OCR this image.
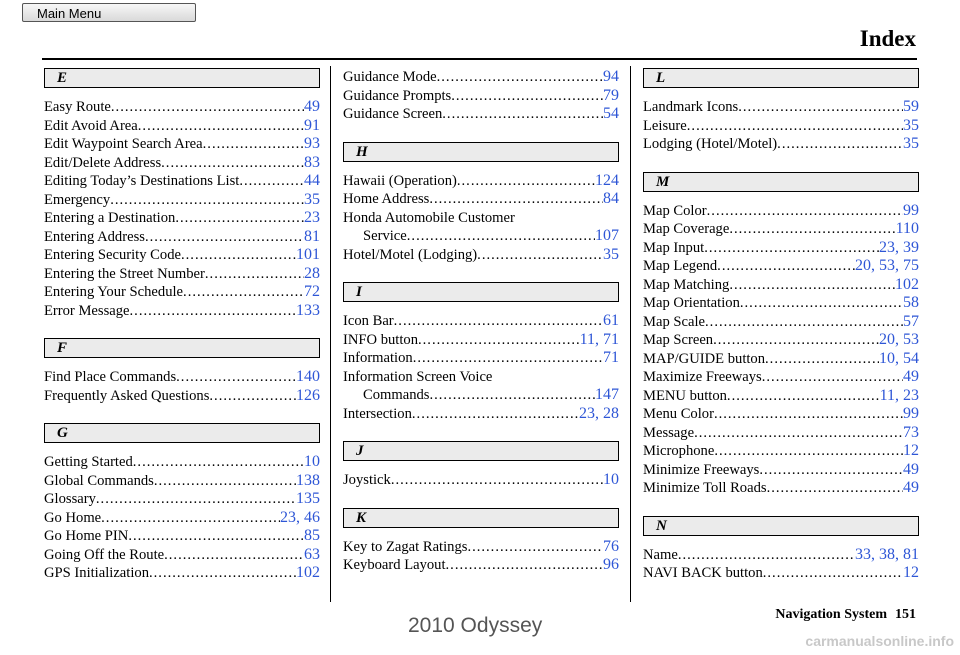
Main Menu
Index
E
Easy Route .....	49
Edit Avoid Area .....	91
Edit Waypoint Search Area .....	93
Edit/Delete Address .....	83
Editing Today’s Destinations List .....	44
Emergency .....	35
Entering a Destination .....	23
Entering Address .....	81
Entering Security Code .....	101
Entering the Street Number .....	28
Entering Your Schedule .....	72
Error Message .....	133
F
Find Place Commands .....	140
Frequently Asked Questions .....	126
G
Getting Started .....	10
Global Commands .....	138
Glossary .....	135
Go Home .....	23, 46
Go Home PIN .....	85
Going Off the Route .....	63
GPS Initialization .....	102
Guidance Mode .....	94
Guidance Prompts .....	79
Guidance Screen .....	54
H
Hawaii (Operation) .....	124
Home Address .....	84
Honda Automobile Customer
Service .....	107
Hotel/Motel (Lodging) .....	35
I
Icon Bar .....	61
INFO button .....	11, 71
Information .....	71
Information Screen Voice
Commands .....	147
Intersection .....	23, 28
J
Joystick .....	10
K
Key to Zagat Ratings .....	76
Keyboard Layout .....	96
L
Landmark Icons .....	59
Leisure .....	35
Lodging (Hotel/Motel) .....	35
M
Map Color .....	99
Map Coverage .....	110
Map Input .....	23, 39
Map Legend .....	20, 53, 75
Map Matching .....	102
Map Orientation .....	58
Map Scale .....	57
Map Screen .....	20, 53
MAP/GUIDE button .....	10, 54
Maximize Freeways .....	49
MENU button .....	11, 23
Menu Color .....	99
Message .....	73
Microphone .....	12
Minimize Freeways .....	49
Minimize Toll Roads .....	49
N
Name .....	33, 38, 81
NAVI BACK button .....	12
Navigation System 151
2010 Odyssey
carmanualsonline.info
